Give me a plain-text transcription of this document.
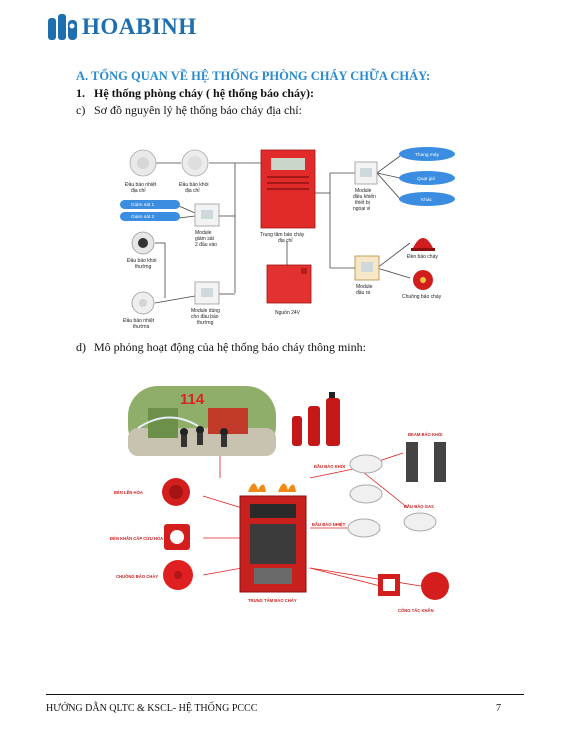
HOABINH
A. TỔNG QUAN VỀ HỆ THỐNG PHÒNG CHÁY CHỮA CHÁY:
1. Hệ thống phòng cháy ( hệ thống báo cháy):
c) Sơ đồ nguyên lý hệ thống báo cháy địa chỉ:
Đầu báo nhiệt
địa chỉ
Đầu báo khói
địa chỉ
Giám sát 1
Giám sát 2
Module
giám sát
2 đầu vào
Đầu báo khói
thường
Đầu báo nhiệt
thường
Module dùng
cho đầu báo
thường
Trung tâm báo cháy
địa chỉ
Nguồn 24V
Module
điều khiển
thiết bị
ngoại vi
Module
đầu ra
Thang máy
Quạt gió
Khác
Đèn báo cháy
Chuông báo cháy
d) Mô phỏng hoạt động của hệ thống báo cháy thông minh:
114
TRUNG TÂM BÁO CHÁY
ĐÈN LÊN HÒA
ĐÈN KHẨN CẤP CỨU HỎA
CHUÔNG BÁO CHÁY
BEAM BÁO KHÓI
ĐẦU BÁO KHÓI
ĐẦU BÁO NHIỆT
ĐẦU BÁO GAS
CÔNG TẮC KHẨN
HƯỚNG DẪN QLTC & KSCL- HỆ THỐNG PCCC	7
